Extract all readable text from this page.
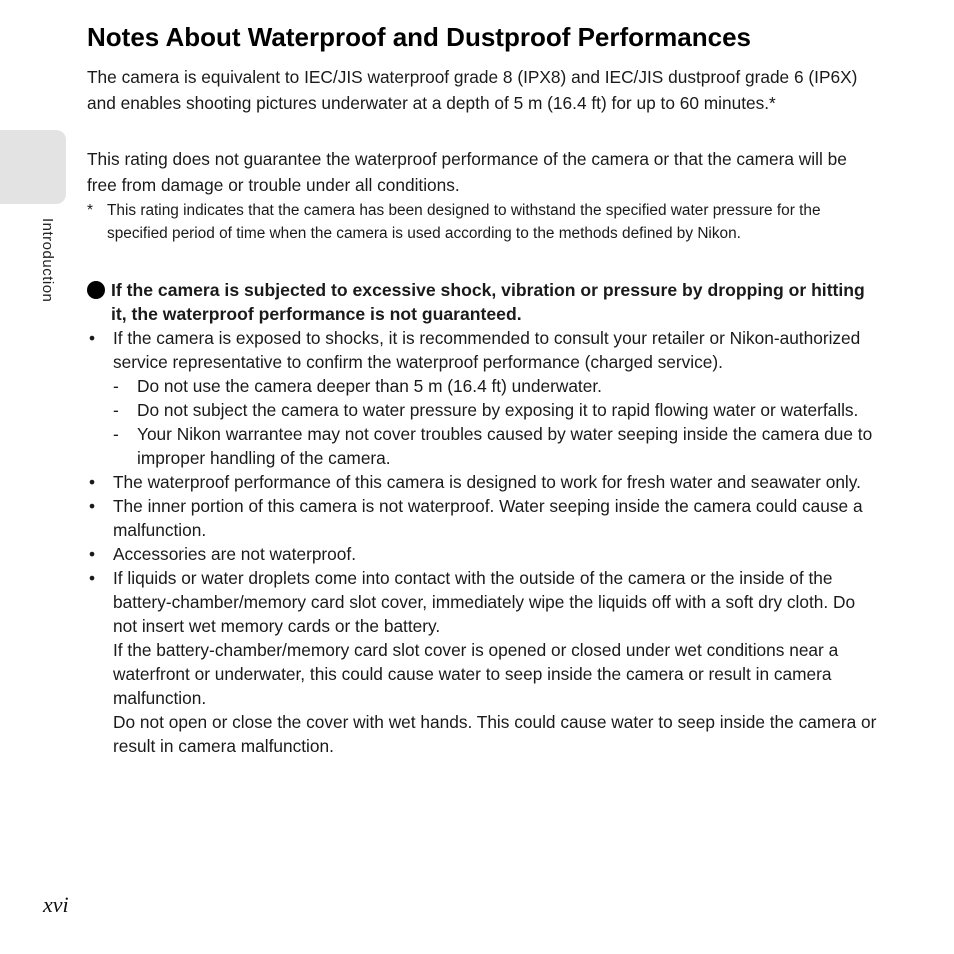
Introduction
Notes About Waterproof and Dustproof Performances

The camera is equivalent to IEC/JIS waterproof grade 8 (IPX8) and IEC/JIS dustproof grade 6 (IP6X) and enables shooting pictures underwater at a depth of 5 m (16.4 ft) for up to 60 minutes.*

This rating does not guarantee the waterproof performance of the camera or that the camera will be free from damage or trouble under all conditions.

* This rating indicates that the camera has been designed to withstand the specified water pressure for the specified period of time when the camera is used according to the methods defined by Nikon.
If the camera is subjected to excessive shock, vibration or pressure by dropping or hitting it, the waterproof performance is not guaranteed.
•	If the camera is exposed to shocks, it is recommended to consult your retailer or Nikon-authorized service representative to confirm the waterproof performance (charged service).
-	Do not use the camera deeper than 5 m (16.4 ft) underwater.
-	Do not subject the camera to water pressure by exposing it to rapid flowing water or waterfalls.
-	Your Nikon warrantee may not cover troubles caused by water seeping inside the camera due to improper handling of the camera.
•	The waterproof performance of this camera is designed to work for fresh water and seawater only.
•	The inner portion of this camera is not waterproof. Water seeping inside the camera could cause a malfunction.
•	Accessories are not waterproof.
•	If liquids or water droplets come into contact with the outside of the camera or the inside of the battery-chamber/memory card slot cover, immediately wipe the liquids off with a soft dry cloth. Do not insert wet memory cards or the battery.
If the battery-chamber/memory card slot cover is opened or closed under wet conditions near a waterfront or underwater, this could cause water to seep inside the camera or result in camera malfunction.
Do not open or close the cover with wet hands. This could cause water to seep inside the camera or result in camera malfunction.
xvi
